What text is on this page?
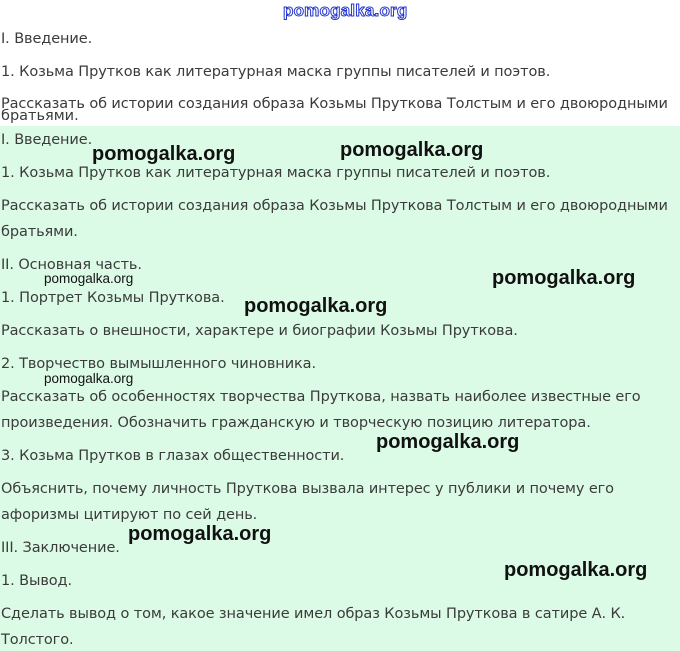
pomogalka.org
I. Введение.
1. Козьма Прутков как литературная маска группы писателей и поэтов.
Рассказать об истории создания образа Козьмы Пруткова Толстым и его двоюродными
братьями.
I. Введение.
1. Козьма Прутков как литературная маска группы писателей и поэтов.
Рассказать об истории создания образа Козьмы Пруткова Толстым и его двоюродными
братьями.
II. Основная часть.
1. Портрет Козьмы Пруткова.
Рассказать о внешности, характере и биографии Козьмы Пруткова.
2. Творчество вымышленного чиновника.
Рассказать об особенностях творчества Пруткова, назвать наиболее известные его
произведения. Обозначить гражданскую и творческую позицию литератора.
3. Козьма Прутков в глазах общественности.
Объяснить, почему личность Пруткова вызвала интерес у публики и почему его
афоризмы цитируют по сей день.
III. Заключение.
1. Вывод.
Сделать вывод о том, какое значение имел образ Козьмы Пруткова в сатире А. К.
Толстого.
pomogalka.org	pomogalka.org
pomogalka.org
pomogalka.org
pomogalka.org
pomogalka.org
pomogalka.org
pomogalka.org
pomogalka.org
